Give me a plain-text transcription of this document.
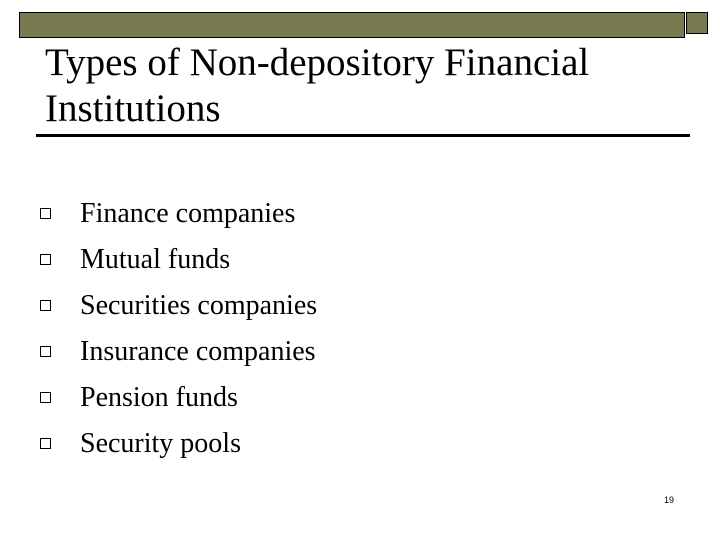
Types of Non-depository Financial
Institutions
Finance companies
Mutual funds
Securities companies
Insurance companies
Pension funds
Security pools
19
